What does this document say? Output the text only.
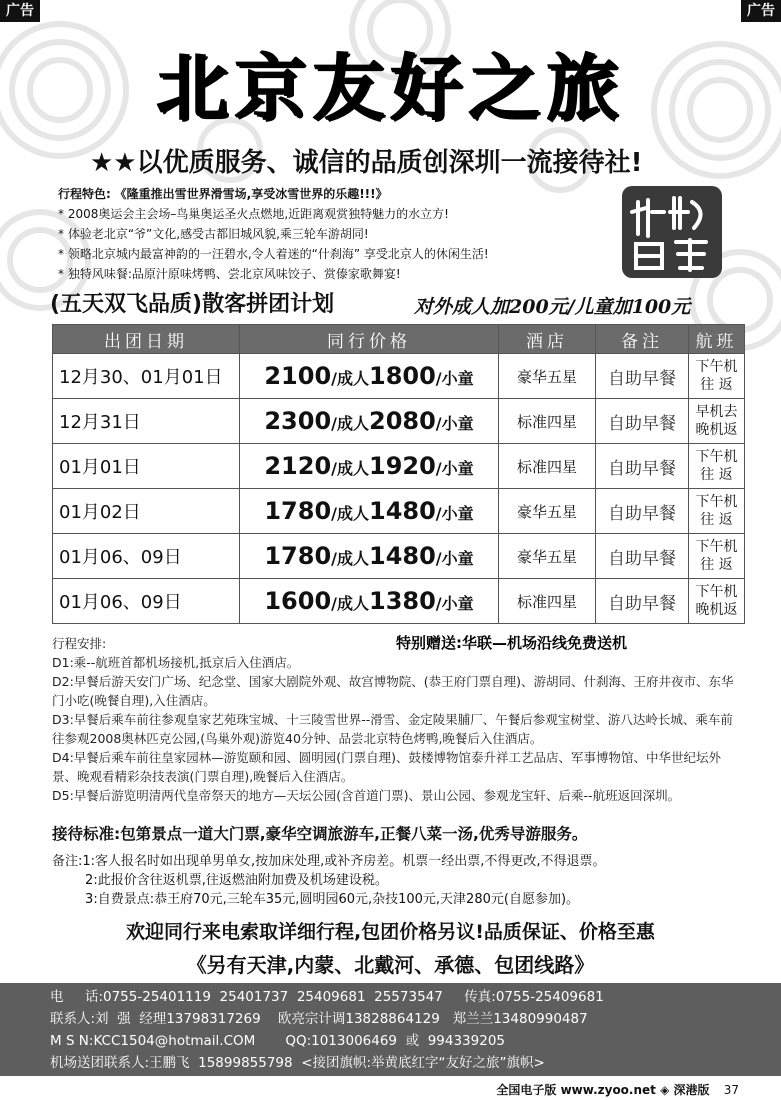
广告	广告
北京友好之旅
★★以优质服务、诚信的品质创深圳一流接待社!
行程特色: 《隆重推出雪世界滑雪场,享受冰雪世界的乐趣!!!》
* 2008奥运会主会场–鸟巢奥运圣火点燃地,近距离观赏独特魅力的水立方!
* 体验老北京“爷”文化,感受古都旧城风貌,乘三轮车游胡同!
* 领略北京城内最富神韵的一汪碧水,令人着迷的“什刹海” 享受北京人的休闲生活!
* 独特风味餐:品原汁原味烤鸭、尝北京风味饺子、赏傣家歌舞宴!
(五天双飞品质)散客拼团计划	对外成人加200元/儿童加100元
出团日期	同行价格	酒店	备注	航班
12月30、01月01日	2100/成人1800/小童	豪华五星	自助早餐	下午机
往 返

12月31日	2300/成人2080/小童	标准四星	自助早餐	早机去
晚机返

01月01日	2120/成人1920/小童	标准四星	自助早餐	下午机
往 返

01月02日	1780/成人1480/小童	豪华五星	自助早餐	下午机
往 返

01月06、09日	1780/成人1480/小童	豪华五星	自助早餐	下午机
往 返

01月06、09日	1600/成人1380/小童	标准四星	自助早餐	下午机
晚机返

行程安排:	特别赠送:华联—机场沿线免费送机

D1:乘--航班首都机场接机,抵京后入住酒店。

D2:早餐后游天安门广场、纪念堂、国家大剧院外观、故宫博物院、(恭王府门票自理)、游胡同、什刹海、王府井夜市、东华门小吃(晚餐自理),入住酒店。

D3:早餐后乘车前往参观皇家艺苑珠宝城、十三陵雪世界--滑雪、金定陵果脯厂、午餐后参观宝树堂、游八达岭长城、乘车前往参观2008奥林匹克公园,(鸟巢外观)游览40分钟、品尝北京特色烤鸭,晚餐后入住酒店。

D4:早餐后乘车前往皇家园林—游览颐和园、圆明园(门票自理)、鼓楼博物馆泰升祥工艺品店、军事博物馆、中华世纪坛外景、晚观看精彩杂技表演(门票自理),晚餐后入住酒店。

D5:早餐后游览明清两代皇帝祭天的地方—天坛公园(含首道门票)、景山公园、参观龙宝轩、后乘--航班返回深圳。

接待标准:包第景点一道大门票,豪华空调旅游车,正餐八菜一汤,优秀导游服务。

备注:1:客人报名时如出现单男单女,按加床处理,或补齐房差。机票一经出票,不得更改,不得退票。

2:此报价含往返机票,往返燃油附加费及机场建设税。

3:自费景点:恭王府70元,三轮车35元,圆明园60元,杂技100元,天津280元(自愿参加)。

欢迎同行来电索取详细行程,包团价格另议!品质保证、价格至惠
《另有天津,内蒙、北戴河、承德、包团线路》
电     话:0755-25401119  25401737  25409681  25573547     传真:0755-25409681
联系人:刘  强  经理13798317269    欧亮宗计调13828864129   郑兰兰13480990487
M S N:KCC1504@hotmail.COM       QQ:1013006469  或  994339205
机场送团联系人:王鹏飞  15899855798  <接团旗帜:举黄底红字“友好之旅”旗帜>
全国电子版 www.zyoo.net ◈ 深港版 37
